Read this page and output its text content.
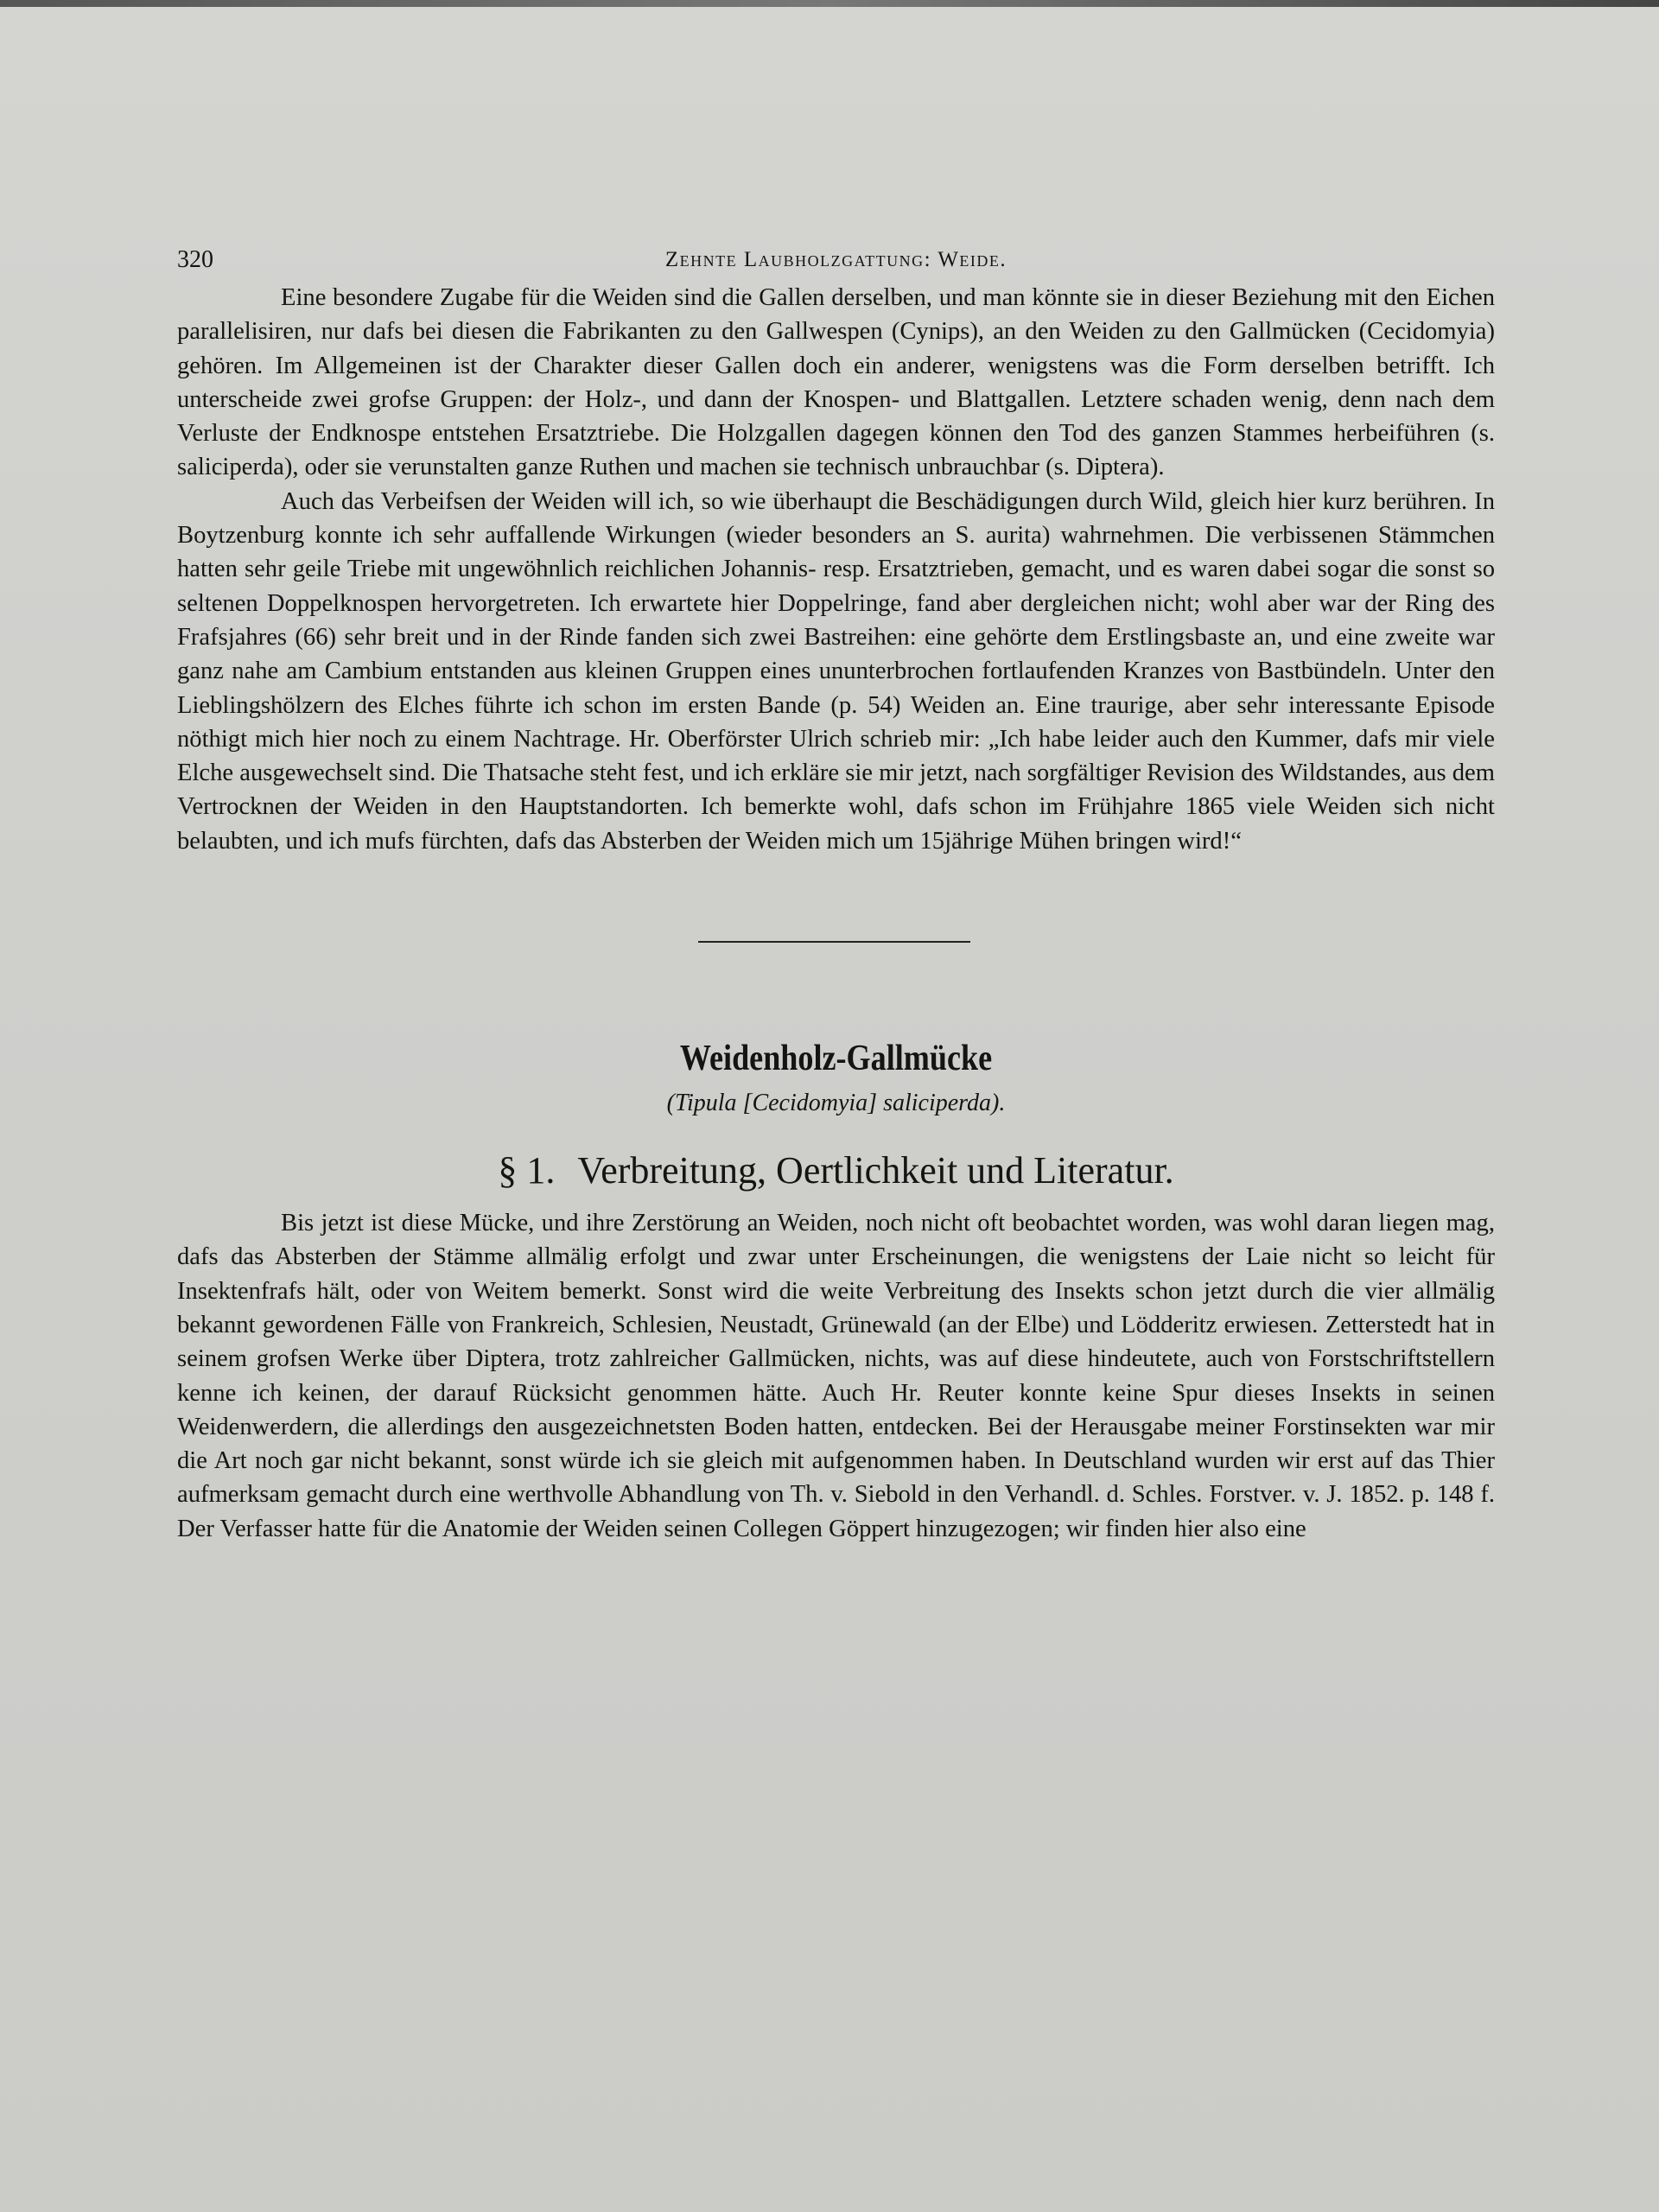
320	Zehnte Laubholzgattung: Weide.

Eine besondere Zugabe für die Weiden sind die Gallen derselben, und man könnte sie in dieser Beziehung mit den Eichen parallelisiren, nur dafs bei diesen die Fabrikanten zu den Gallwespen (Cynips), an den Weiden zu den Gallmücken (Cecidomyia) gehören. Im Allgemeinen ist der Charakter dieser Gallen doch ein anderer, wenigstens was die Form derselben betrifft. Ich unterscheide zwei grofse Gruppen: der Holz-, und dann der Knospen- und Blattgallen. Letztere schaden wenig, denn nach dem Verluste der Endknospe entstehen Ersatztriebe. Die Holzgallen dagegen können den Tod des ganzen Stammes herbeiführen (s. saliciperda), oder sie verunstalten ganze Ruthen und machen sie technisch unbrauchbar (s. Diptera).

Auch das Verbeifsen der Weiden will ich, so wie überhaupt die Beschädigungen durch Wild, gleich hier kurz berühren. In Boytzenburg konnte ich sehr auffallende Wirkungen (wieder besonders an S. aurita) wahrnehmen. Die verbissenen Stämmchen hatten sehr geile Triebe mit ungewöhnlich reichlichen Johannis- resp. Ersatztrieben, gemacht, und es waren dabei sogar die sonst so seltenen Doppelknospen hervorgetreten. Ich erwartete hier Doppelringe, fand aber dergleichen nicht; wohl aber war der Ring des Frafsjahres (66) sehr breit und in der Rinde fanden sich zwei Bastreihen: eine gehörte dem Erstlingsbaste an, und eine zweite war ganz nahe am Cambium entstanden aus kleinen Gruppen eines ununterbrochen fortlaufenden Kranzes von Bastbündeln. Unter den Lieblingshölzern des Elches führte ich schon im ersten Bande (p. 54) Weiden an. Eine traurige, aber sehr interessante Episode nöthigt mich hier noch zu einem Nachtrage. Hr. Oberförster Ulrich schrieb mir: „Ich habe leider auch den Kummer, dafs mir viele Elche ausgewechselt sind. Die Thatsache steht fest, und ich erkläre sie mir jetzt, nach sorgfältiger Revision des Wildstandes, aus dem Vertrocknen der Weiden in den Hauptstandorten. Ich bemerkte wohl, dafs schon im Frühjahre 1865 viele Weiden sich nicht belaubten, und ich mufs fürchten, dafs das Absterben der Weiden mich um 15jährige Mühen bringen wird!“

Weidenholz-Gallmücke
(Tipula [Cecidomyia] saliciperda).
§ 1. Verbreitung, Oertlichkeit und Literatur.

Bis jetzt ist diese Mücke, und ihre Zerstörung an Weiden, noch nicht oft beobachtet worden, was wohl daran liegen mag, dafs das Absterben der Stämme allmälig erfolgt und zwar unter Erscheinungen, die wenigstens der Laie nicht so leicht für Insektenfrafs hält, oder von Weitem bemerkt. Sonst wird die weite Verbreitung des Insekts schon jetzt durch die vier allmälig bekannt gewordenen Fälle von Frankreich, Schlesien, Neustadt, Grünewald (an der Elbe) und Lödderitz erwiesen. Zetterstedt hat in seinem grofsen Werke über Diptera, trotz zahlreicher Gallmücken, nichts, was auf diese hindeutete, auch von Forstschriftstellern kenne ich keinen, der darauf Rücksicht genommen hätte. Auch Hr. Reuter konnte keine Spur dieses Insekts in seinen Weidenwerdern, die allerdings den ausgezeichnetsten Boden hatten, entdecken. Bei der Herausgabe meiner Forstinsekten war mir die Art noch gar nicht bekannt, sonst würde ich sie gleich mit aufgenommen haben. In Deutschland wurden wir erst auf das Thier aufmerksam gemacht durch eine werthvolle Abhandlung von Th. v. Siebold in den Verhandl. d. Schles. Forstver. v. J. 1852. p. 148 f. Der Verfasser hatte für die Anatomie der Weiden seinen Collegen Göppert hinzugezogen; wir finden hier also eine
